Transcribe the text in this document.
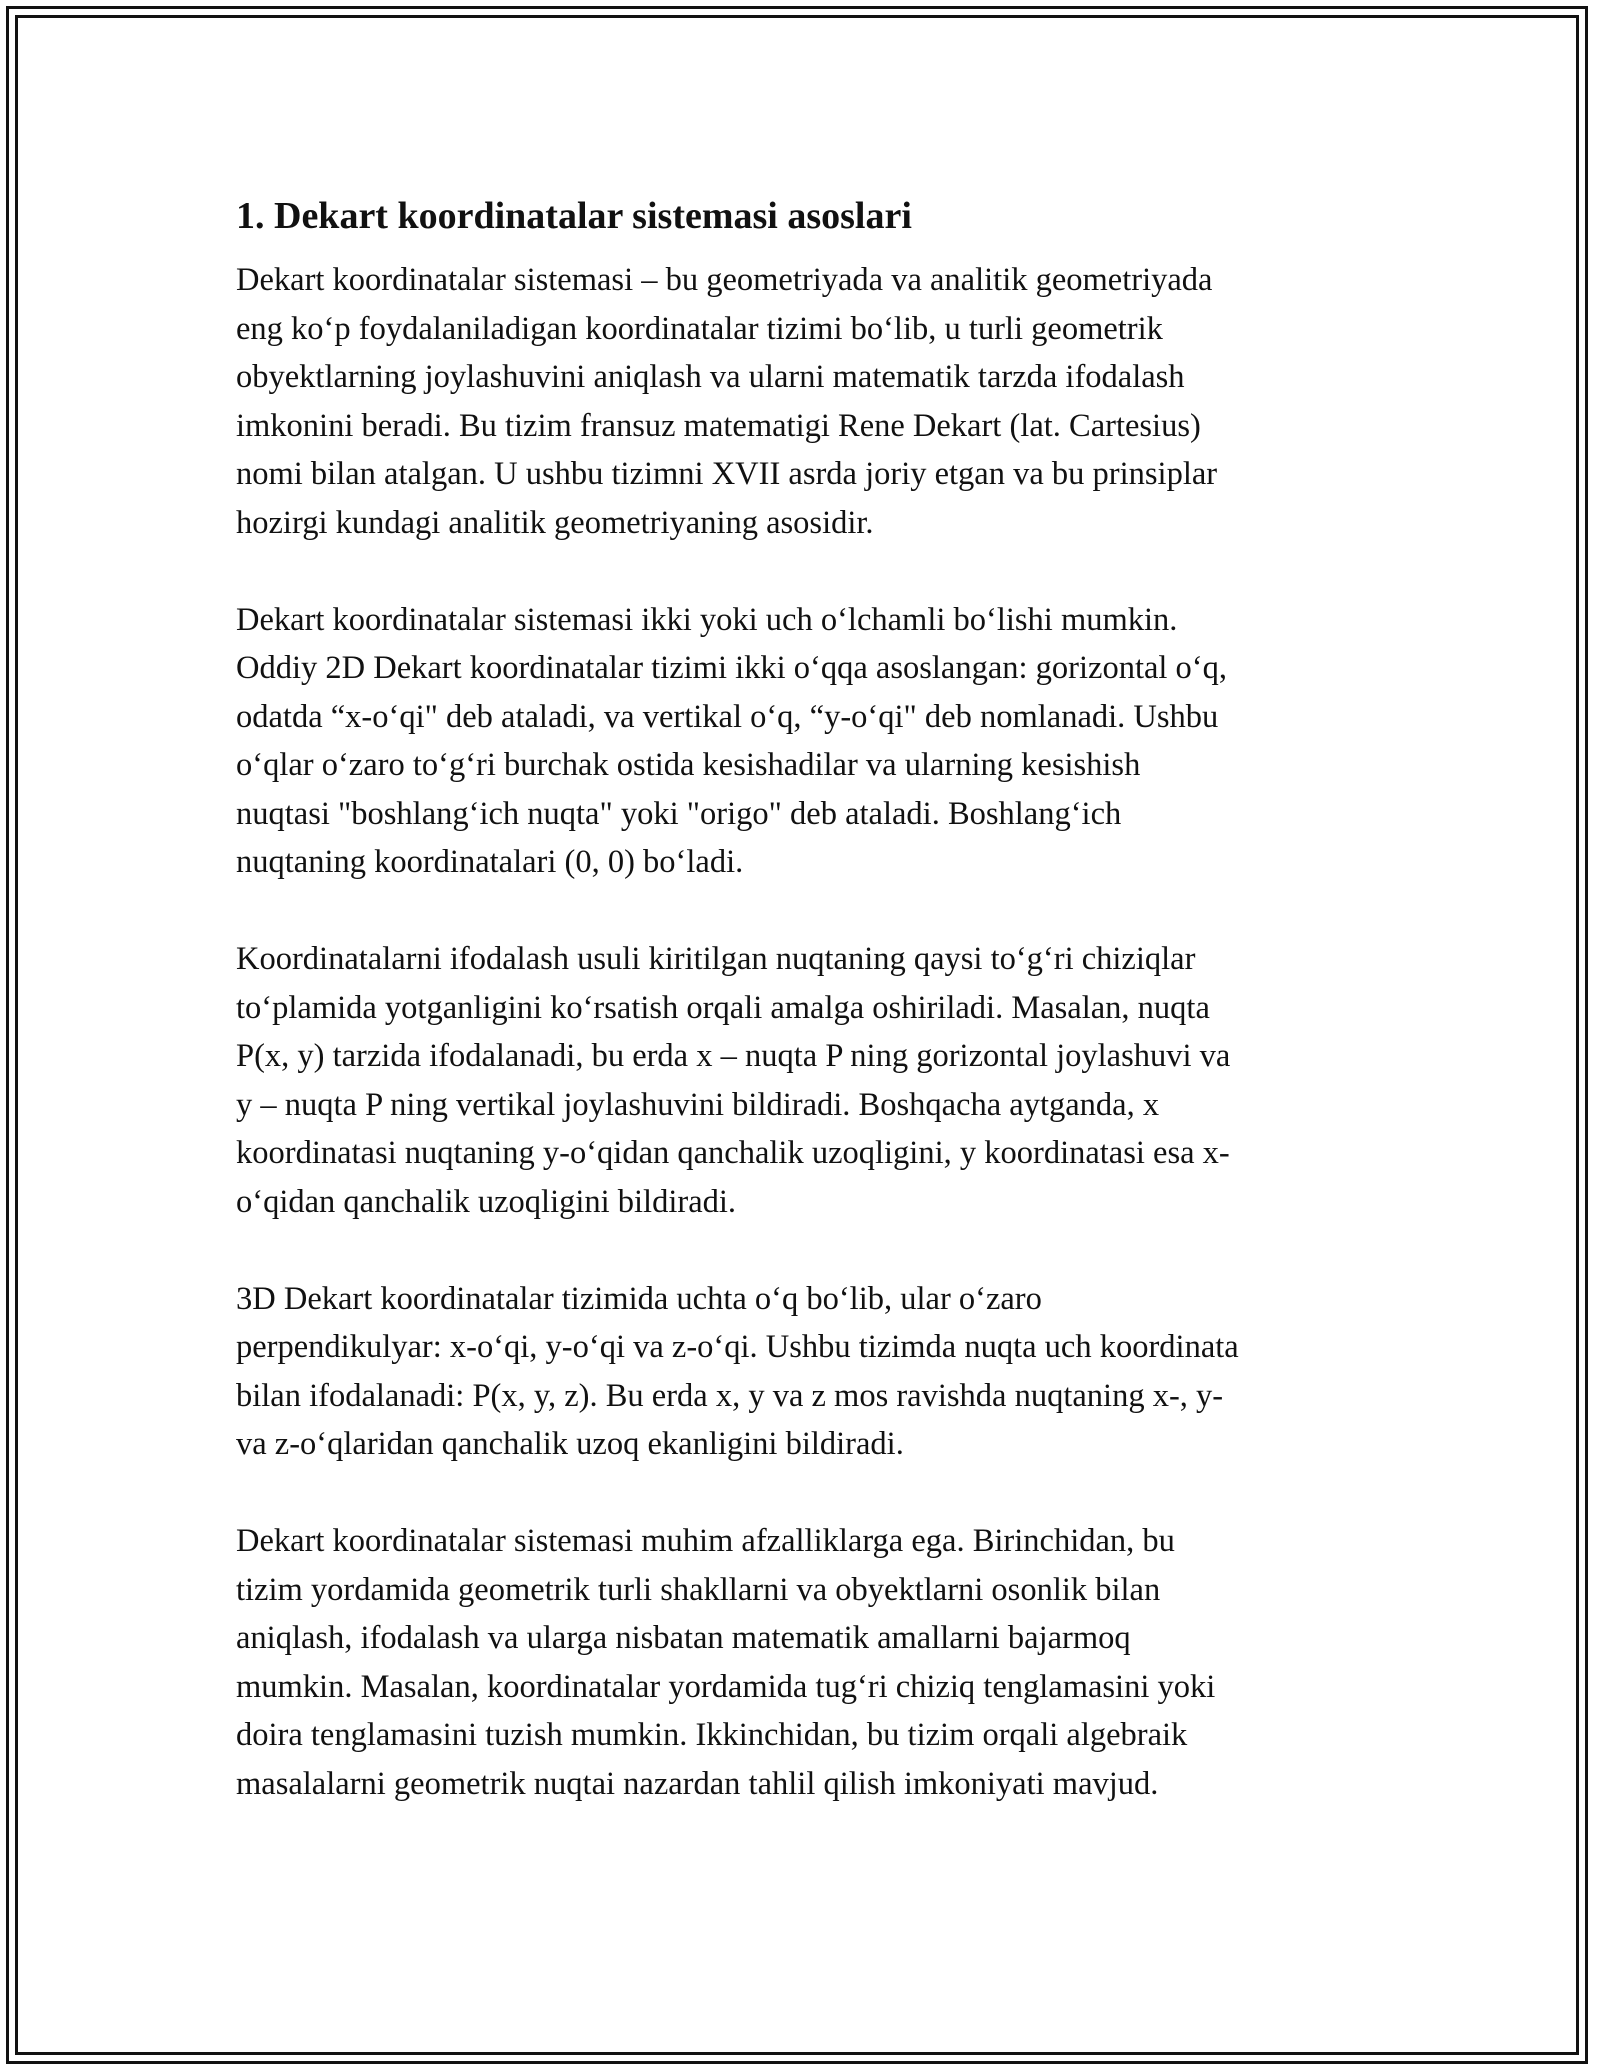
1. Dekart koordinatalar sistemasi asoslari

Dekart koordinatalar sistemasi – bu geometriyada va analitik geometriyada
eng ko‘p foydalaniladigan koordinatalar tizimi bo‘lib, u turli geometrik
obyektlarning joylashuvini aniqlash va ularni matematik tarzda ifodalash
imkonini beradi. Bu tizim fransuz matematigi Rene Dekart (lat. Cartesius)
nomi bilan atalgan. U ushbu tizimni XVII asrda joriy etgan va bu prinsiplar
hozirgi kundagi analitik geometriyaning asosidir.

Dekart koordinatalar sistemasi ikki yoki uch o‘lchamli bo‘lishi mumkin.
Oddiy 2D Dekart koordinatalar tizimi ikki o‘qqa asoslangan: gorizontal o‘q,
odatda “x-o‘qi" deb ataladi, va vertikal o‘q, “y-o‘qi" deb nomlanadi. Ushbu
o‘qlar o‘zaro to‘g‘ri burchak ostida kesishadilar va ularning kesishish
nuqtasi "boshlang‘ich nuqta" yoki "origo" deb ataladi. Boshlang‘ich
nuqtaning koordinatalari (0, 0) bo‘ladi.

Koordinatalarni ifodalash usuli kiritilgan nuqtaning qaysi to‘g‘ri chiziqlar
to‘plamida yotganligini ko‘rsatish orqali amalga oshiriladi. Masalan, nuqta
P(x, y) tarzida ifodalanadi, bu erda x – nuqta P ning gorizontal joylashuvi va
y – nuqta P ning vertikal joylashuvini bildiradi. Boshqacha aytganda, x
koordinatasi nuqtaning y-o‘qidan qanchalik uzoqligini, y koordinatasi esa x-
o‘qidan qanchalik uzoqligini bildiradi.

3D Dekart koordinatalar tizimida uchta o‘q bo‘lib, ular o‘zaro
perpendikulyar: x-o‘qi, y-o‘qi va z-o‘qi. Ushbu tizimda nuqta uch koordinata
bilan ifodalanadi: P(x, y, z). Bu erda x, y va z mos ravishda nuqtaning x-, y-
va z-o‘qlaridan qanchalik uzoq ekanligini bildiradi.

Dekart koordinatalar sistemasi muhim afzalliklarga ega. Birinchidan, bu
tizim yordamida geometrik turli shakllarni va obyektlarni osonlik bilan
aniqlash, ifodalash va ularga nisbatan matematik amallarni bajarmoq
mumkin. Masalan, koordinatalar yordamida tug‘ri chiziq tenglamasini yoki
doira tenglamasini tuzish mumkin. Ikkinchidan, bu tizim orqali algebraik
masalalarni geometrik nuqtai nazardan tahlil qilish imkoniyati mavjud.
